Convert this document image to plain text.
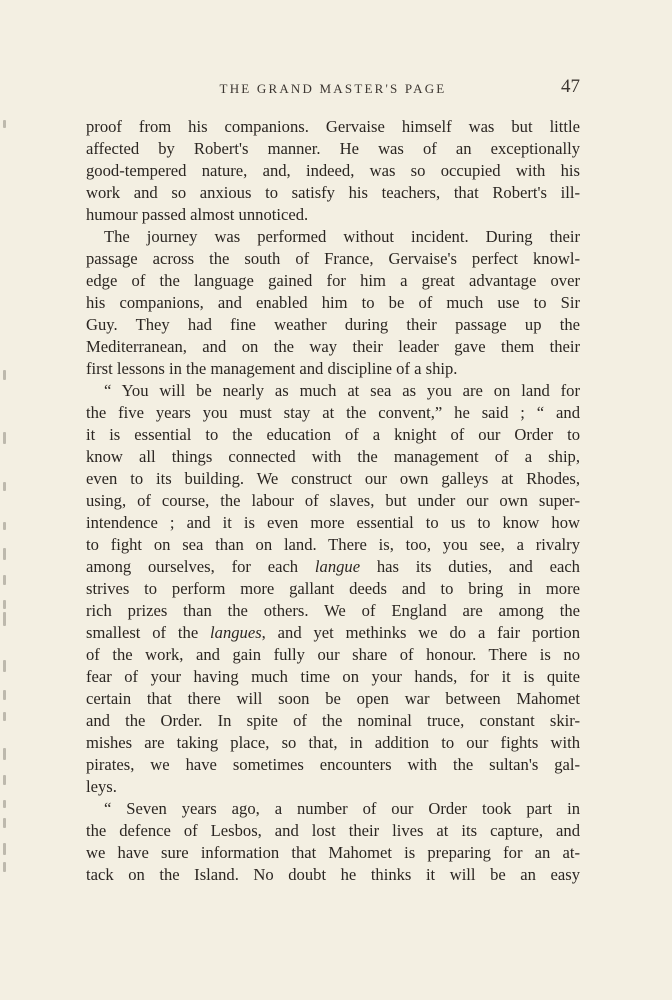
THE GRAND MASTER'S PAGE	47
proof from his companions. Gervaise himself was but little
affected by Robert's manner. He was of an exceptionally
good-tempered nature, and, indeed, was so occupied with his
work and so anxious to satisfy his teachers, that Robert's ill-
humour passed almost unnoticed.
The journey was performed without incident. During their
passage across the south of France, Gervaise's perfect knowl-
edge of the language gained for him a great advantage over
his companions, and enabled him to be of much use to Sir
Guy. They had fine weather during their passage up the
Mediterranean, and on the way their leader gave them their
first lessons in the management and discipline of a ship.
“ You will be nearly as much at sea as you are on land for
the five years you must stay at the convent,” he said ; “ and
it is essential to the education of a knight of our Order to
know all things connected with the management of a ship,
even to its building. We construct our own galleys at Rhodes,
using, of course, the labour of slaves, but under our own super-
intendence ; and it is even more essential to us to know how
to fight on sea than on land. There is, too, you see, a rivalry
among ourselves, for each langue has its duties, and each
strives to perform more gallant deeds and to bring in more
rich prizes than the others. We of England are among the
smallest of the langues, and yet methinks we do a fair portion
of the work, and gain fully our share of honour. There is no
fear of your having much time on your hands, for it is quite
certain that there will soon be open war between Mahomet
and the Order. In spite of the nominal truce, constant skir-
mishes are taking place, so that, in addition to our fights with
pirates, we have sometimes encounters with the sultan's gal-
leys.
“ Seven years ago, a number of our Order took part in
the defence of Lesbos, and lost their lives at its capture, and
we have sure information that Mahomet is preparing for an at-
tack on the Island. No doubt he thinks it will be an easy
